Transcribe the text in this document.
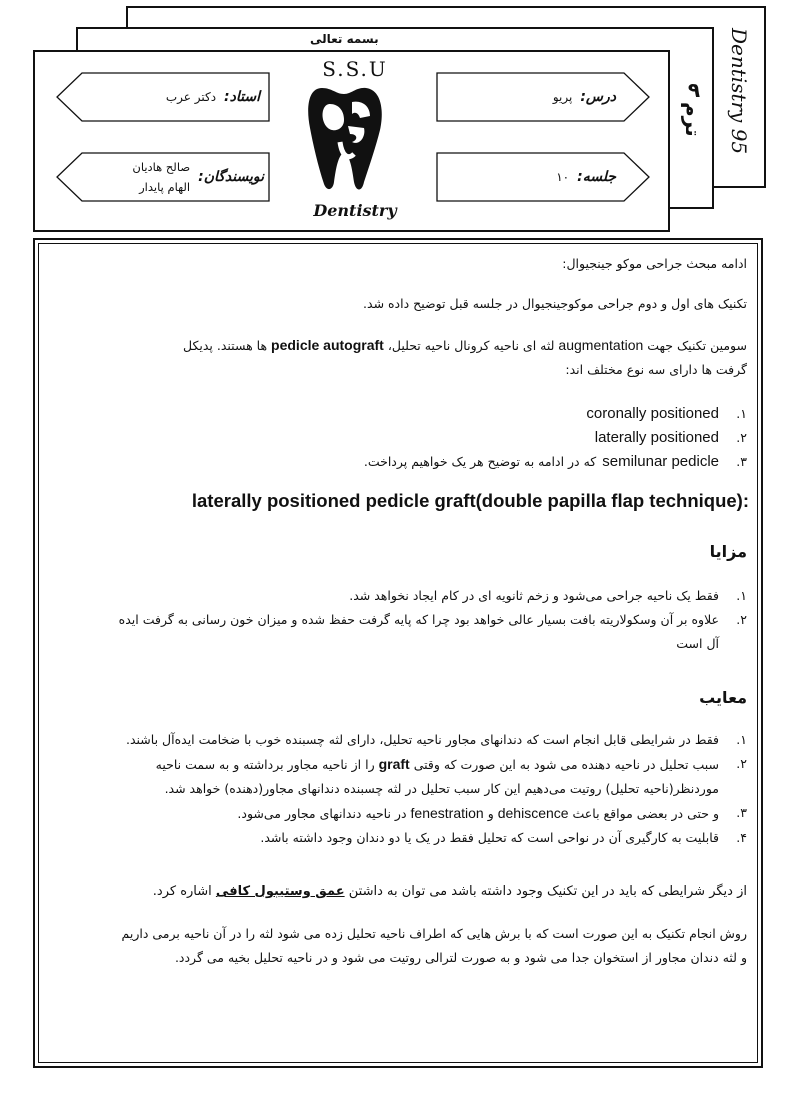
بسمه تعالی	Dentistry 95
۹
ترم
استاد:
دکتر عرب
نویسندگان:
صالح هادیان
الهام پایدار
درس:
پریو
جلسه:
۱۰
S.S.U
Dentistry
ادامه مبحث جراحی موکو جینجیوال:
تکنیک های اول و دوم جراحی موکوجینجیوال در جلسه قبل توضیح داده شد.
سومین تکنیک جهت augmentation لثه ای ناحیه کرونال ناحیه تحلیل، pedicle autograft ها هستند. پدیکل
گرفت ها دارای سه نوع مختلف اند:
۱.
coronally positioned
۲.
laterally positioned
۳.
semilunar pedicle
که در ادامه به توضیح هر یک خواهیم پرداخت.
laterally positioned pedicle graft(double papilla flap technique):
مزایا
۱.
فقط یک ناحیه جراحی می‌شود و زخم ثانویه ای در کام ایجاد نخواهد شد.
۲.
علاوه بر آن وسکولاریته بافت بسیار عالی خواهد بود چرا که پایه گرفت حفظ شده و میزان خون رسانی به گرفت ایده
آل است
معایب
۱.
فقط در شرایطی قابل انجام است که دندانهای مجاور ناحیه تحلیل، دارای لثه چسبنده خوب با ضخامت ایده‌آل باشند.
۲.
سبب تحلیل در ناحیه دهنده می شود به این صورت که وقتی graft را از ناحیه مجاور برداشته و به سمت ناحیه
موردنظر(ناحیه تحلیل) روتیت می‌دهیم این کار سبب تحلیل در لثه چسبنده دندانهای مجاور(دهنده) خواهد شد.
۳.
و حتی در بعضی مواقع باعث dehiscence و fenestration در ناحیه دندانهای مجاور می‌شود.
۴.
قابلیت به کارگیری آن در نواحی است که تحلیل فقط در یک یا دو دندان وجود داشته باشد.
از دیگر شرایطی که باید در این تکنیک وجود داشته باشد می توان به داشتن عمق وستیبول کافی اشاره کرد.
روش انجام تکنیک به این صورت است که با برش هایی که اطراف ناحیه تحلیل زده می شود لثه را در آن ناحیه برمی داریم
و لثه دندان مجاور از استخوان جدا می شود و به صورت لترالی روتیت می شود و در ناحیه تحلیل بخیه می گردد.
